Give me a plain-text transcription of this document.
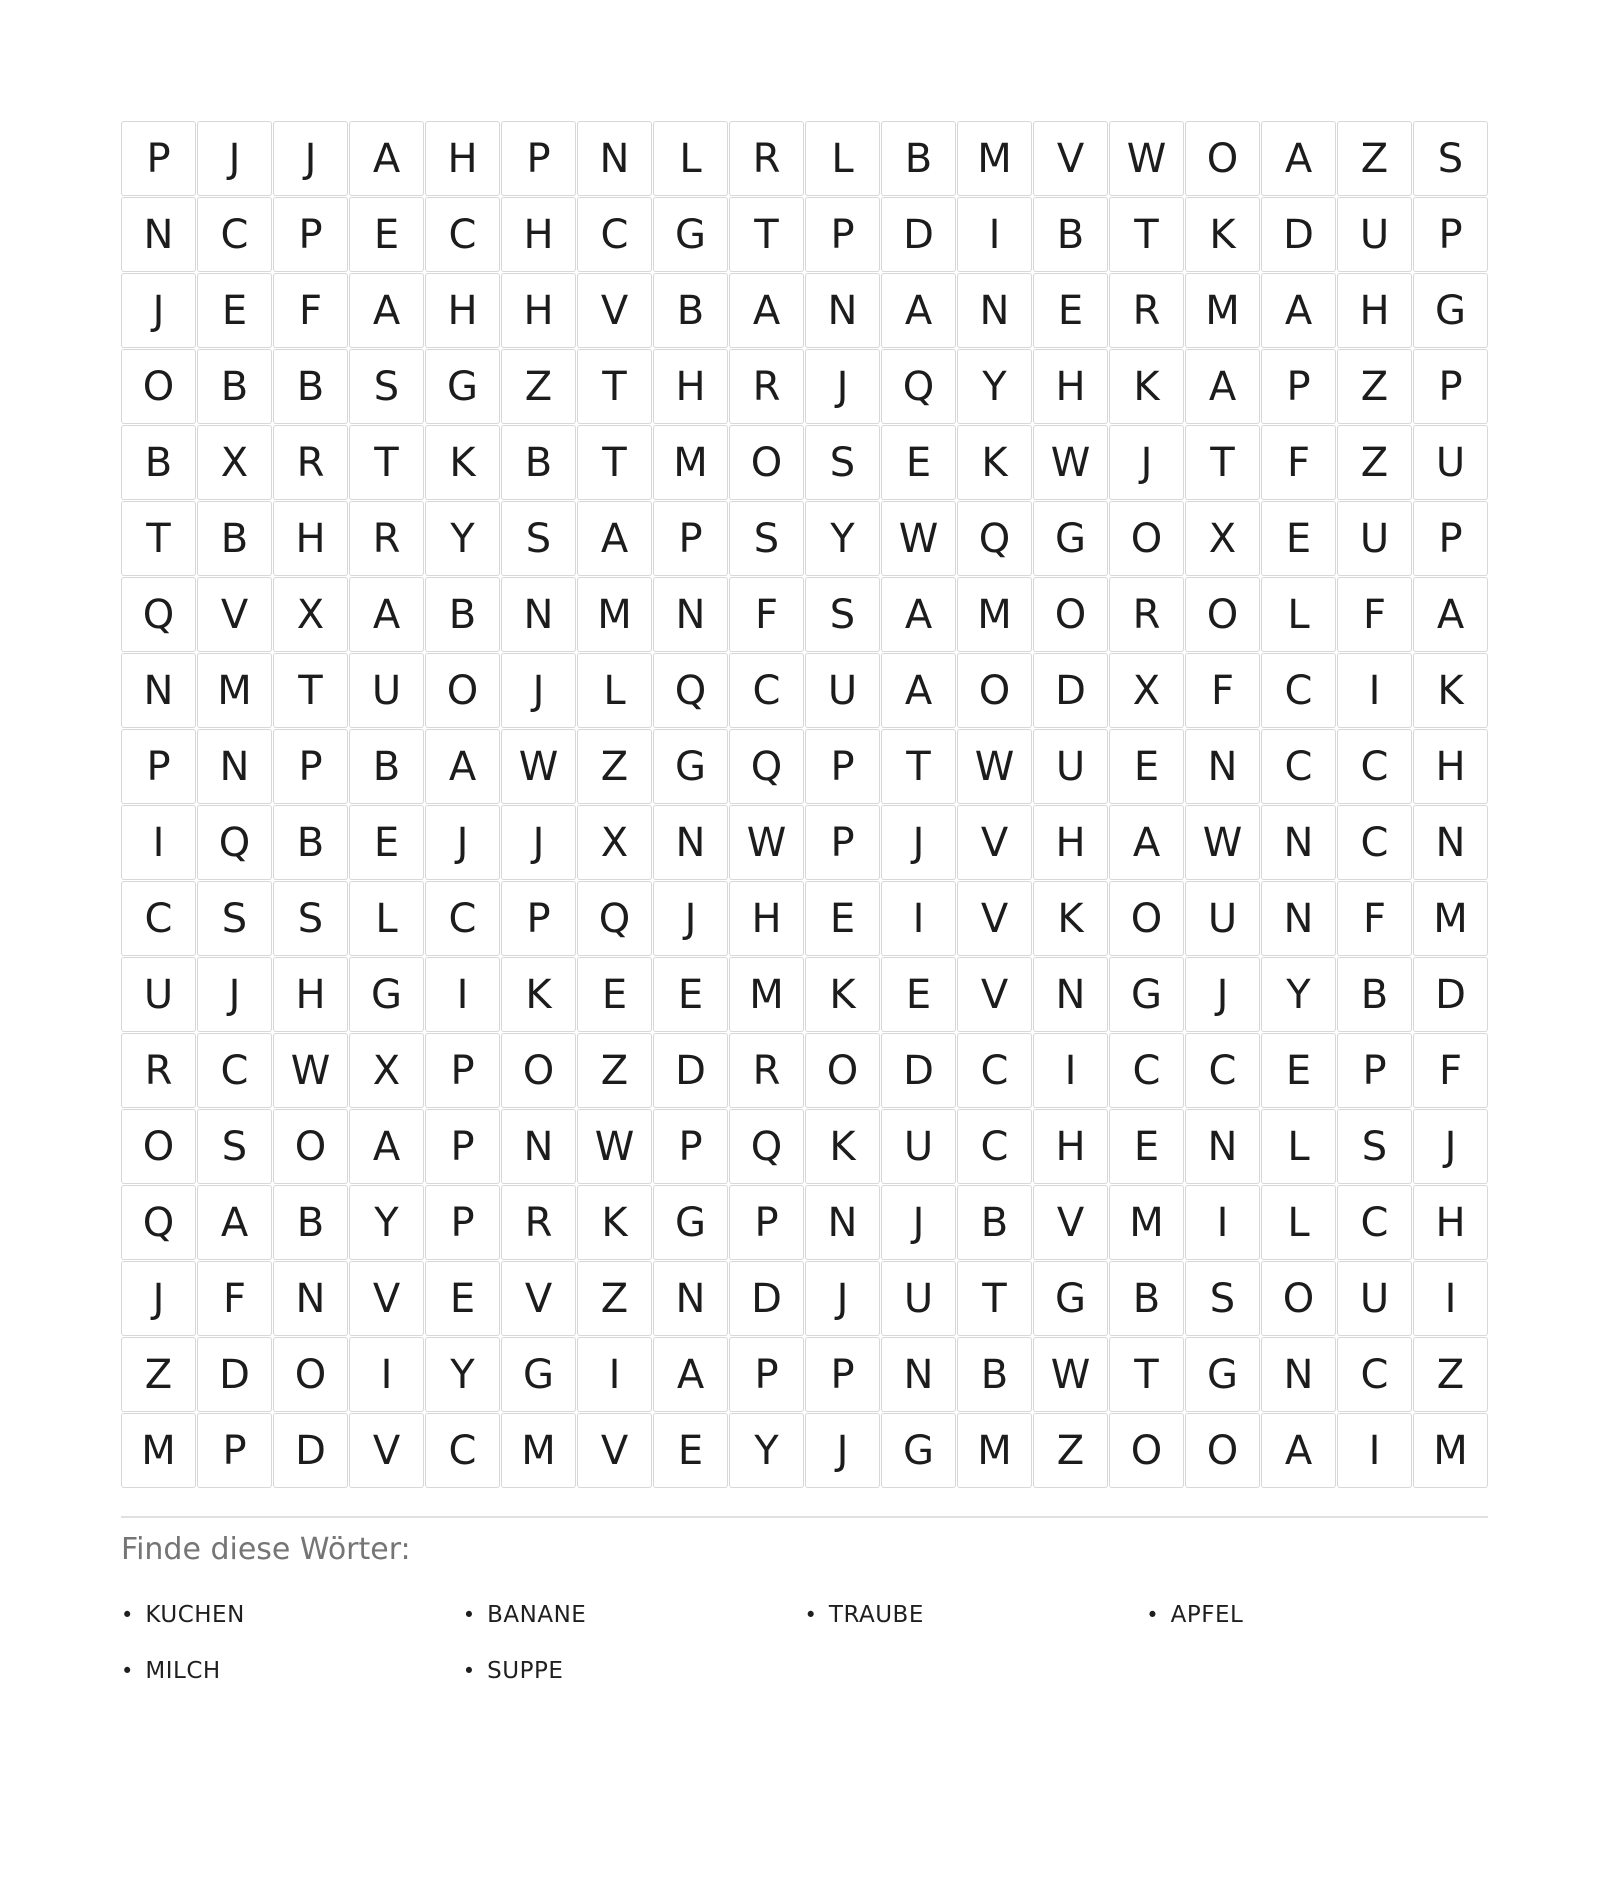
P	J	J	A	H	P	N	L	R	L	B	M	V	W	O	A	Z	S
N	C	P	E	C	H	C	G	T	P	D	I	B	T	K	D	U	P
J	E	F	A	H	H	V	B	A	N	A	N	E	R	M	A	H	G
O	B	B	S	G	Z	T	H	R	J	Q	Y	H	K	A	P	Z	P
B	X	R	T	K	B	T	M	O	S	E	K	W	J	T	F	Z	U
T	B	H	R	Y	S	A	P	S	Y	W	Q	G	O	X	E	U	P
Q	V	X	A	B	N	M	N	F	S	A	M	O	R	O	L	F	A
N	M	T	U	O	J	L	Q	C	U	A	O	D	X	F	C	I	K
P	N	P	B	A	W	Z	G	Q	P	T	W	U	E	N	C	C	H
I	Q	B	E	J	J	X	N	W	P	J	V	H	A	W	N	C	N
C	S	S	L	C	P	Q	J	H	E	I	V	K	O	U	N	F	M
U	J	H	G	I	K	E	E	M	K	E	V	N	G	J	Y	B	D
R	C	W	X	P	O	Z	D	R	O	D	C	I	C	C	E	P	F
O	S	O	A	P	N	W	P	Q	K	U	C	H	E	N	L	S	J
Q	A	B	Y	P	R	K	G	P	N	J	B	V	M	I	L	C	H
J	F	N	V	E	V	Z	N	D	J	U	T	G	B	S	O	U	I
Z	D	O	I	Y	G	I	A	P	P	N	B	W	T	G	N	C	Z
M	P	D	V	C	M	V	E	Y	J	G	M	Z	O	O	A	I	M
Finde diese Wörter:
• KUCHEN	• BANANE	• TRAUBE	• APFEL
• MILCH	• SUPPE
